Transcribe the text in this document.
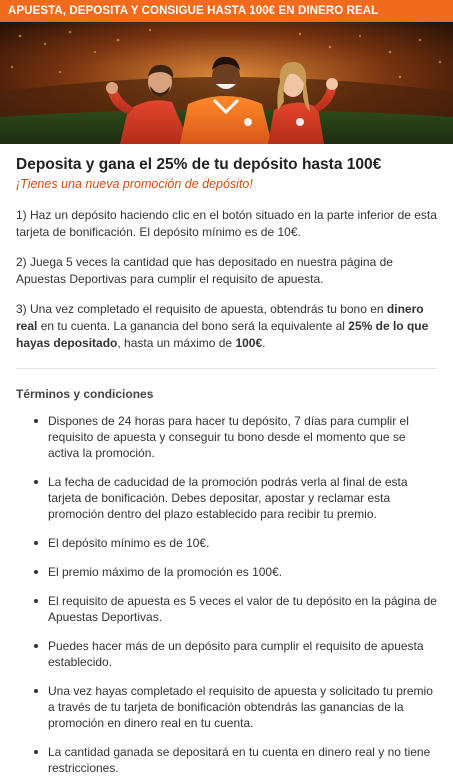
APUESTA, DEPOSITA Y CONSIGUE HASTA 100€ EN DINERO REAL
Deposita y gana el 25% de tu depósito hasta 100€
¡Tienes una nueva promoción de depósito!

1) Haz un depósito haciendo clic en el botón situado en la parte inferior de esta tarjeta de bonificación. El depósito mínimo es de 10€.

2) Juega 5 veces la cantidad que has depositado en nuestra página de Apuestas Deportivas para cumplir el requisito de apuesta.

3) Una vez completado el requisito de apuesta, obtendrás tu bono en dinero real en tu cuenta. La ganancia del bono será la equivalente al 25% de lo que hayas depositado, hasta un máximo de 100€.

Términos y condiciones
Dispones de 24 horas para hacer tu depósito, 7 días para cumplir el requisito de apuesta y conseguir tu bono desde el momento que se activa la promoción.
La fecha de caducidad de la promoción podrás verla al final de esta tarjeta de bonificación. Debes depositar, apostar y reclamar esta promoción dentro del plazo establecido para recibir tu premio.
El depósito mínimo es de 10€.
El premio máximo de la promoción es 100€.
El requisito de apuesta es 5 veces el valor de tu depósito en la página de Apuestas Deportivas.
Puedes hacer más de un depósito para cumplir el requisito de apuesta establecido.
Una vez hayas completado el requisito de apuesta y solicitado tu premio a través de tu tarjeta de bonificación obtendrás las ganancias de la promoción en dinero real en tu cuenta.
La cantidad ganada se depositará en tu cuenta en dinero real y no tiene restricciones.
